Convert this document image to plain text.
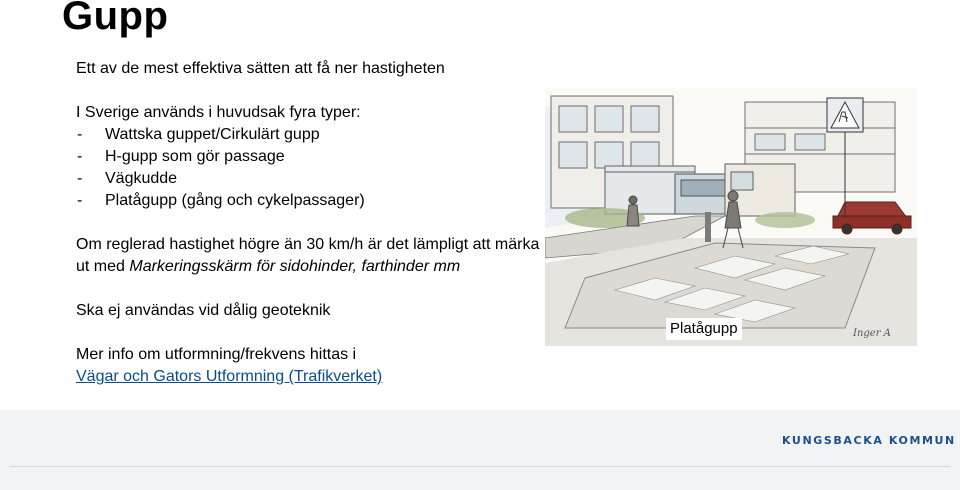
Gupp

Ett av de mest effektiva sätten att få ner hastigheten

I Sverige används i huvudsak fyra typer:

- Wattska guppet/Cirkulärt gupp
- H-gupp som gör passage
- Vägkudde
- Platågupp (gång och cykelpassager)

Om reglerad hastighet högre än 30 km/h är det lämpligt att märka ut med Markeringsskärm för sidohinder, farthinder mm

Ska ej användas vid dålig geoteknik

Mer info om utformning/frekvens hittas i

Vägar och Gators Utformning (Trafikverket)

Inger A
Platågupp
KUNGSBACKA KOMMUN
